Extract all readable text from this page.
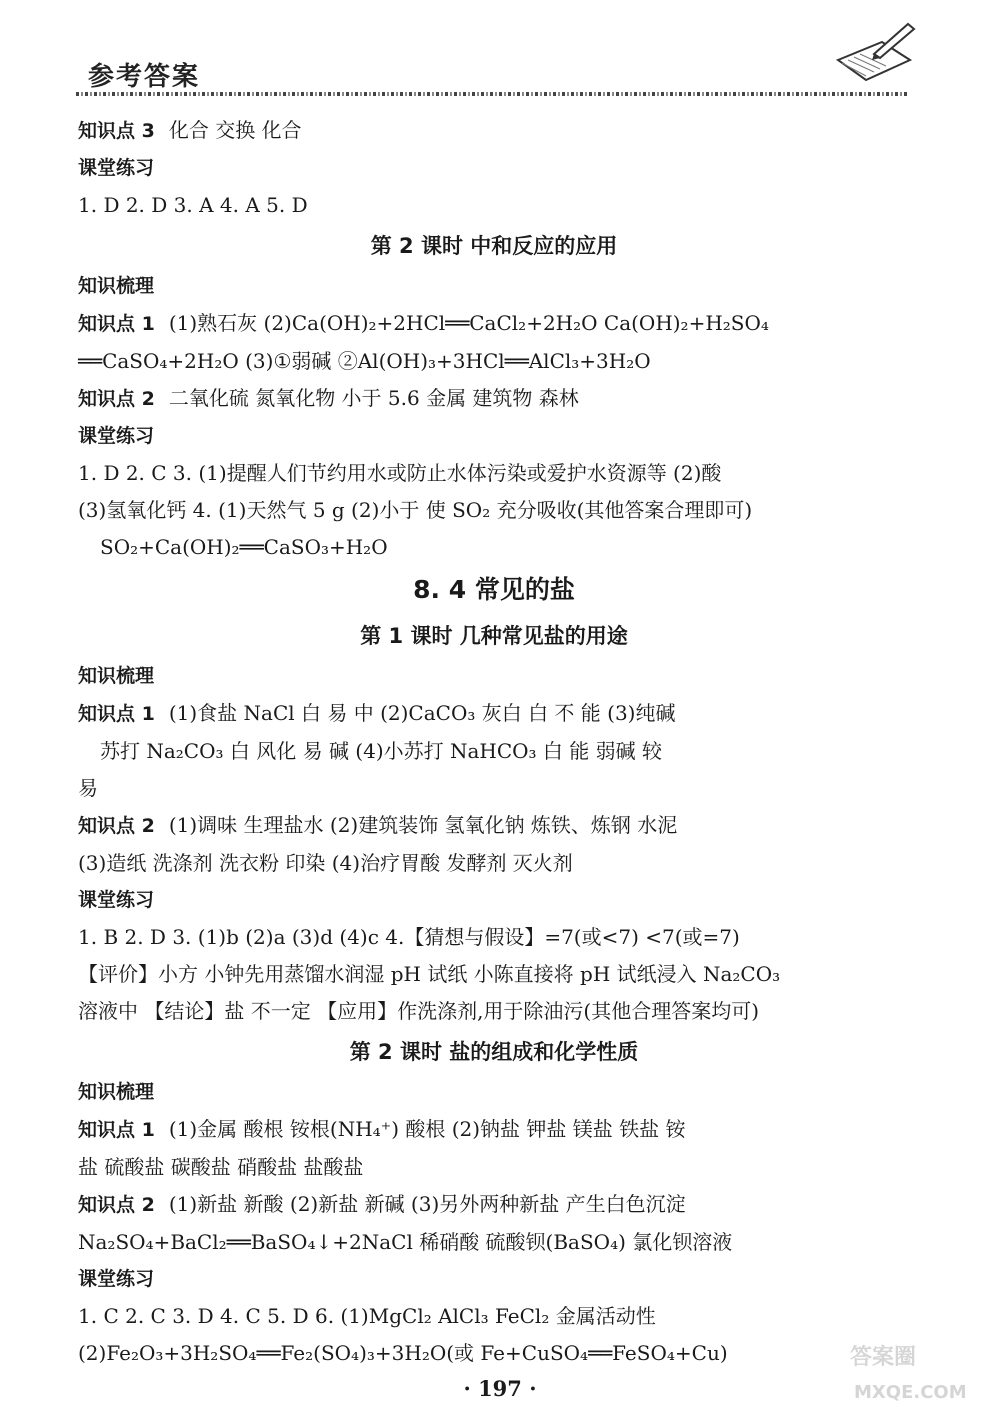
参考答案
知识点 3 化合 交换 化合
课堂练习
1. D 2. D 3. A 4. A 5. D
第 2 课时 中和反应的应用
知识梳理
知识点 1 (1)熟石灰 (2)Ca(OH)₂+2HCl══CaCl₂+2H₂O Ca(OH)₂+H₂SO₄
══CaSO₄+2H₂O (3)①弱碱 ②Al(OH)₃+3HCl══AlCl₃+3H₂O
知识点 2 二氧化硫 氮氧化物 小于 5.6 金属 建筑物 森林
课堂练习
1. D 2. C 3. (1)提醒人们节约用水或防止水体污染或爱护水资源等 (2)酸
(3)氢氧化钙 4. (1)天然气 5 g (2)小于 使 SO₂ 充分吸收(其他答案合理即可)
SO₂+Ca(OH)₂══CaSO₃+H₂O
8. 4 常见的盐
第 1 课时 几种常见盐的用途
知识梳理
知识点 1 (1)食盐 NaCl 白 易 中 (2)CaCO₃ 灰白 白 不 能 (3)纯碱
苏打 Na₂CO₃ 白 风化 易 碱 (4)小苏打 NaHCO₃ 白 能 弱碱 较
易
知识点 2 (1)调味 生理盐水 (2)建筑装饰 氢氧化钠 炼铁、炼钢 水泥
(3)造纸 洗涤剂 洗衣粉 印染 (4)治疗胃酸 发酵剂 灭火剂
课堂练习
1. B 2. D 3. (1)b (2)a (3)d (4)c 4.【猜想与假设】=7(或<7) <7(或=7)
【评价】小方 小钟先用蒸馏水润湿 pH 试纸 小陈直接将 pH 试纸浸入 Na₂CO₃
溶液中 【结论】盐 不一定 【应用】作洗涤剂,用于除油污(其他合理答案均可)
第 2 课时 盐的组成和化学性质
知识梳理
知识点 1 (1)金属 酸根 铵根(NH₄⁺) 酸根 (2)钠盐 钾盐 镁盐 铁盐 铵
盐 硫酸盐 碳酸盐 硝酸盐 盐酸盐
知识点 2 (1)新盐 新酸 (2)新盐 新碱 (3)另外两种新盐 产生白色沉淀
Na₂SO₄+BaCl₂══BaSO₄↓+2NaCl 稀硝酸 硫酸钡(BaSO₄) 氯化钡溶液
课堂练习
1. C 2. C 3. D 4. C 5. D 6. (1)MgCl₂ AlCl₃ FeCl₂ 金属活动性
(2)Fe₂O₃+3H₂SO₄══Fe₂(SO₄)₃+3H₂O(或 Fe+CuSO₄══FeSO₄+Cu)
· 197 ·
答案圈
MXQE.COM
